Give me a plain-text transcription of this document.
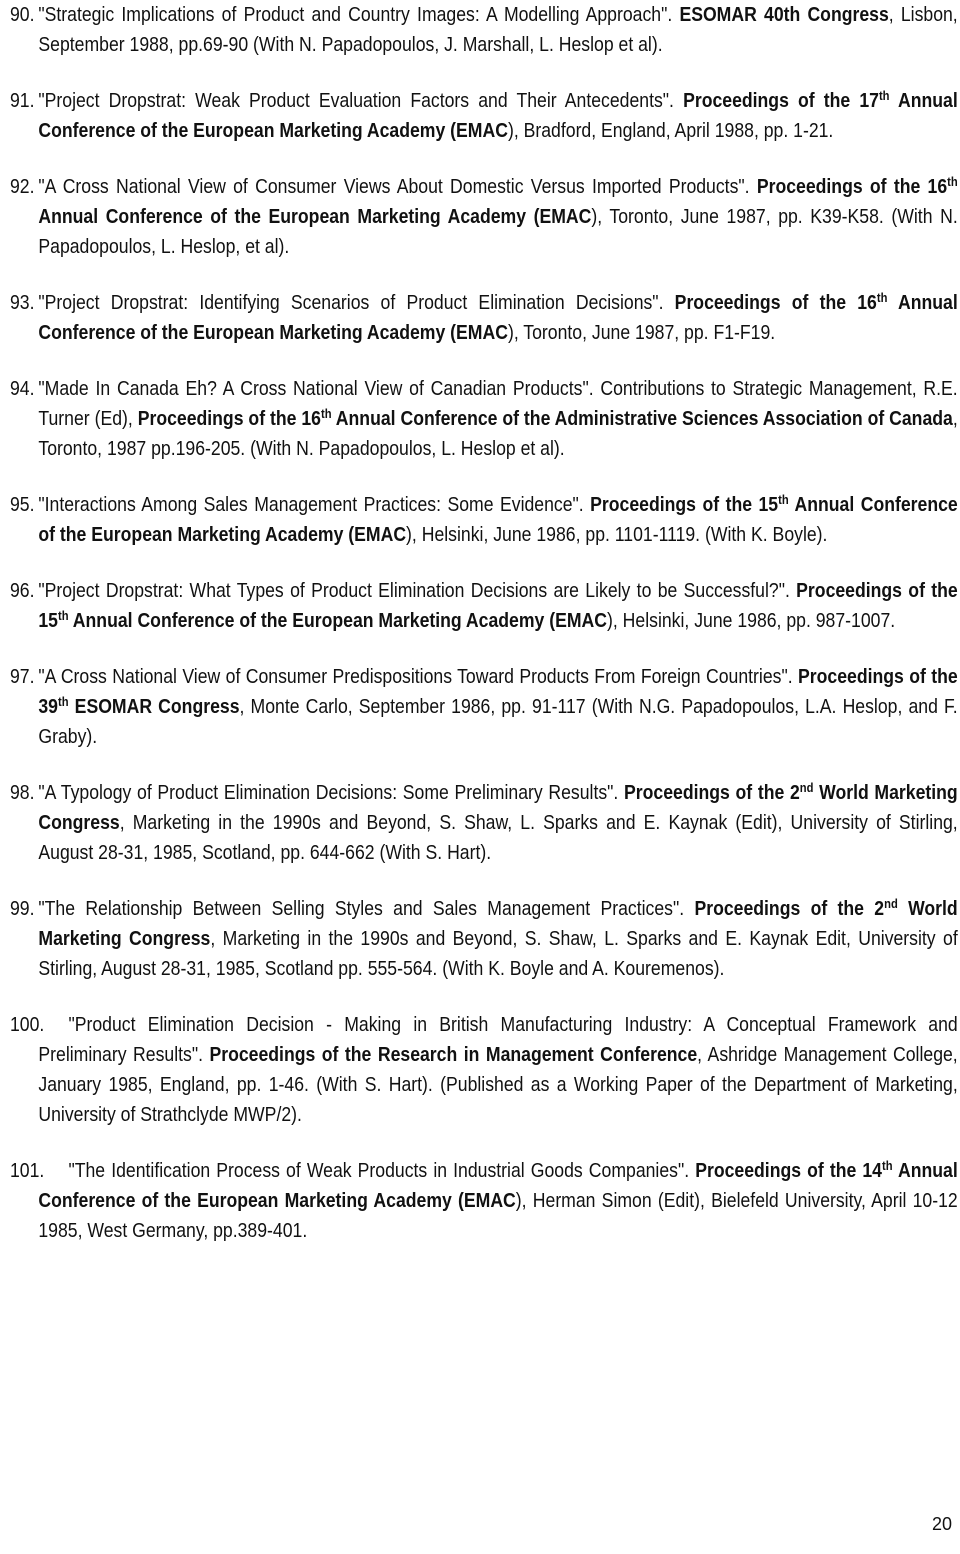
90. "Strategic Implications of Product and Country Images: A Modelling Approach". ESOMAR 40th Congress, Lisbon, September 1988, pp.69-90 (With N. Papadopoulos, J. Marshall, L. Heslop et al).

91. "Project Dropstrat: Weak Product Evaluation Factors and Their Antecedents". Proceedings of the 17th Annual Conference of the European Marketing Academy (EMAC), Bradford, England, April 1988, pp. 1-21.

92. "A Cross National View of Consumer Views About Domestic Versus Imported Products". Proceedings of the 16th Annual Conference of the European Marketing Academy (EMAC), Toronto, June 1987, pp. K39-K58. (With N. Papadopoulos, L. Heslop, et al).

93. "Project Dropstrat: Identifying Scenarios of Product Elimination Decisions". Proceedings of the 16th Annual Conference of the European Marketing Academy (EMAC), Toronto, June 1987, pp. F1-F19.

94. "Made In Canada Eh? A Cross National View of Canadian Products". Contributions to Strategic Management, R.E. Turner (Ed), Proceedings of the 16th Annual Conference of the Administrative Sciences Association of Canada, Toronto, 1987 pp.196-205. (With N. Papadopoulos, L. Heslop et al).

95. "Interactions Among Sales Management Practices: Some Evidence". Proceedings of the 15th Annual Conference of the European Marketing Academy (EMAC), Helsinki, June 1986, pp. 1101-1119. (With K. Boyle).

96. "Project Dropstrat: What Types of Product Elimination Decisions are Likely to be Successful?". Proceedings of the 15th Annual Conference of the European Marketing Academy (EMAC), Helsinki, June 1986, pp. 987-1007.

97. "A Cross National View of Consumer Predispositions Toward Products From Foreign Countries". Proceedings of the 39th ESOMAR Congress, Monte Carlo, September 1986, pp. 91-117 (With N.G. Papadopoulos, L.A. Heslop, and F. Graby).

98. "A Typology of Product Elimination Decisions: Some Preliminary Results". Proceedings of the 2nd World Marketing Congress, Marketing in the 1990s and Beyond, S. Shaw, L. Sparks and E. Kaynak (Edit), University of Stirling, August 28-31, 1985, Scotland, pp. 644-662 (With S. Hart).

99. "The Relationship Between Selling Styles and Sales Management Practices". Proceedings of the 2nd World Marketing Congress, Marketing in the 1990s and Beyond, S. Shaw, L. Sparks and E. Kaynak Edit, University of Stirling, August 28-31, 1985, Scotland pp. 555-564. (With K. Boyle and A. Kouremenos).

100. "Product Elimination Decision - Making in British Manufacturing Industry: A Conceptual Framework and Preliminary Results". Proceedings of the Research in Management Conference, Ashridge Management College, January 1985, England, pp. 1-46. (With S. Hart). (Published as a Working Paper of the Department of Marketing, University of Strathclyde MWP/2).

101. "The Identification Process of Weak Products in Industrial Goods Companies". Proceedings of the 14th Annual Conference of the European Marketing Academy (EMAC), Herman Simon (Edit), Bielefeld University, April 10-12 1985, West Germany, pp.389-401.

20
